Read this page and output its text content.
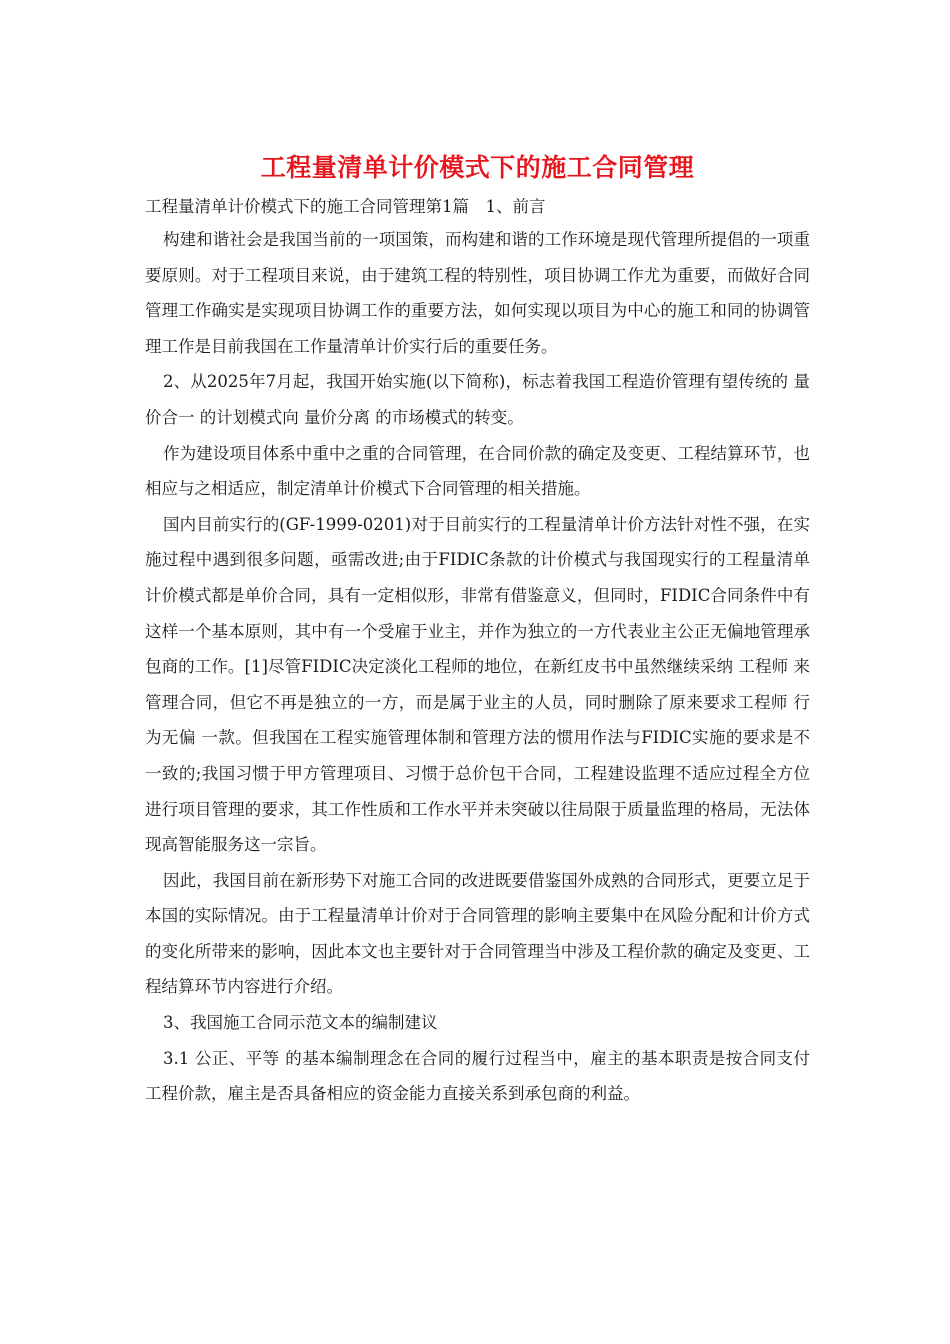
工程量清单计价模式下的施工合同管理

工程量清单计价模式下的施工合同管理第1篇　1、前言

构建和谐社会是我国当前的一项国策，而构建和谐的工作环境是现代管理所提倡的一项重要原则。对于工程项目来说，由于建筑工程的特别性，项目协调工作尤为重要，而做好合同管理工作确实是实现项目协调工作的重要方法，如何实现以项目为中心的施工和同的协调管理工作是目前我国在工作量清单计价实行后的重要任务。

2、从2025年7月起，我国开始实施(以下简称)，标志着我国工程造价管理有望传统的 量价合一 的计划模式向 量价分离 的市场模式的转变。

作为建设项目体系中重中之重的合同管理，在合同价款的确定及变更、工程结算环节，也相应与之相适应，制定清单计价模式下合同管理的相关措施。

国内目前实行的(GF-1999-0201)对于目前实行的工程量清单计价方法针对性不强，在实施过程中遇到很多问题，亟需改进;由于FIDIC条款的计价模式与我国现实行的工程量清单计价模式都是单价合同，具有一定相似形，非常有借鉴意义，但同时，FIDIC合同条件中有这样一个基本原则，其中有一个受雇于业主，并作为独立的一方代表业主公正无偏地管理承包商的工作。[1]尽管FIDIC决定淡化工程师的地位，在新红皮书中虽然继续采纳 工程师 来管理合同，但它不再是独立的一方，而是属于业主的人员，同时删除了原来要求工程师 行为无偏 一款。但我国在工程实施管理体制和管理方法的惯用作法与FIDIC实施的要求是不一致的;我国习惯于甲方管理项目、习惯于总价包干合同，工程建设监理不适应过程全方位进行项目管理的要求，其工作性质和工作水平并未突破以往局限于质量监理的格局，无法体现高智能服务这一宗旨。

因此，我国目前在新形势下对施工合同的改进既要借鉴国外成熟的合同形式，更要立足于本国的实际情况。由于工程量清单计价对于合同管理的影响主要集中在风险分配和计价方式的变化所带来的影响，因此本文也主要针对于合同管理当中涉及工程价款的确定及变更、工程结算环节内容进行介绍。

3、我国施工合同示范文本的编制建议

3.1 公正、平等 的基本编制理念在合同的履行过程当中，雇主的基本职责是按合同支付工程价款，雇主是否具备相应的资金能力直接关系到承包商的利益。
